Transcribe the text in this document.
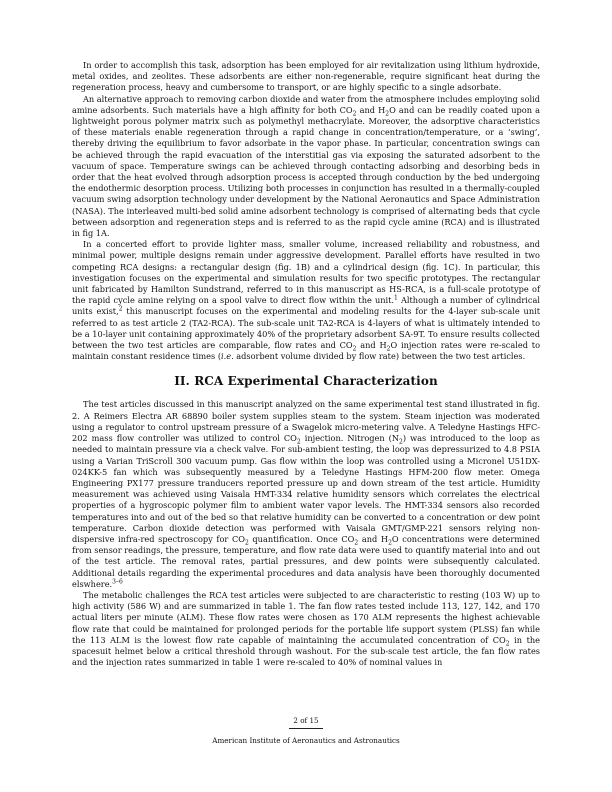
In order to accomplish this task, adsorption has been employed for air revitalization using lithium hydroxide, metal oxides, and zeolites. These adsorbents are either non-regenerable, require significant heat during the regeneration process, heavy and cumbersome to transport, or are highly specific to a single adsorbate.

An alternative approach to removing carbon dioxide and water from the atmosphere includes employing solid amine adsorbents. Such materials have a high affinity for both $CO_2$ and $H_2O$ and can be readily coated upon a lightweight porous polymer matrix such as polymethyl methacrylate. Moreover, the adsorptive characteristics of these materials enable regeneration through a rapid change in concentration/temperature, or a ‘swing’, thereby driving the equilibrium to favor adsorbate in the vapor phase. In particular, concentration swings can be achieved through the rapid evacuation of the interstitial gas via exposing the saturated adsorbent to the vacuum of space. Temperature swings can be achieved through contacting adsorbing and desorbing beds in order that the heat evolved through adsorption process is accepted through conduction by the bed undergoing the endothermic desorption process. Utilizing both processes in conjunction has resulted in a thermally-coupled vacuum swing adsorption technology under development by the National Aeronautics and Space Administration (NASA). The interleaved multi-bed solid amine adsorbent technology is comprised of alternating beds that cycle between adsorption and regeneration steps and is referred to as the rapid cycle amine (RCA) and is illustrated in fig 1A.

In a concerted effort to provide lighter mass, smaller volume, increased reliability and robustness, and minimal power, multiple designs remain under aggressive development. Parallel efforts have resulted in two competing RCA designs: a rectangular design (fig. 1B) and a cylindrical design (fig. 1C). In particular, this investigation focuses on the experimental and simulation results for two specific prototypes. The rectangular unit fabricated by Hamilton Sundstrand, referred to in this manuscript as HS-RCA, is a full-scale prototype of the rapid cycle amine relying on a spool valve to direct flow within the unit.$^1$ Although a number of cylindrical units exist,$^2$ this manuscript focuses on the experimental and modeling results for the 4-layer sub-scale unit referred to as test article 2 (TA2-RCA). The sub-scale unit TA2-RCA is 4-layers of what is ultimately intended to be a 10-layer unit containing approximately 40% of the proprietary adsorbent SA-9T. To ensure results collected between the two test articles are comparable, flow rates and $CO_2$ and $H_2O$ injection rates were re-scaled to maintain constant residence times (i.e. adsorbent volume divided by flow rate) between the two test articles.

II. RCA Experimental Characterization

The test articles discussed in this manuscript analyzed on the same experimental test stand illustrated in fig. 2. A Reimers Electra AR 68890 boiler system supplies steam to the system. Steam injection was moderated using a regulator to control upstream pressure of a Swagelok micro-metering valve. A Teledyne Hastings HFC-202 mass flow controller was utilized to control $CO_2$ injection. Nitrogen $(N_2)$ was introduced to the loop as needed to maintain pressure via a check valve. For sub-ambient testing, the loop was depressurized to 4.8 PSIA using a Varian TriScroll 300 vacuum pump. Gas flow within the loop was controlled using a Micronel U51DX-024KK-5 fan which was subsequently measured by a Teledyne Hastings HFM-200 flow meter. Omega Engineering PX177 pressure tranducers reported pressure up and down stream of the test article. Humidity measurement was achieved using Vaisala HMT-334 relative humidity sensors which correlates the electrical properties of a hygroscopic polymer film to ambient water vapor levels. The HMT-334 sensors also recorded temperatures into and out of the bed so that relative humidity can be converted to a concentration or dew point temperature. Carbon dioxide detection was performed with Vaisala GMT/GMP-221 sensors relying non-dispersive infra-red spectroscopy for $CO_2$ quantification. Once $CO_2$ and $H_2O$ concentrations were determined from sensor readings, the pressure, temperature, and flow rate data were used to quantify material into and out of the test article. The removal rates, partial pressures, and dew points were subsequently calculated. Additional details regarding the experimental procedures and data analysis have been thoroughly documented elswhere.$^{3-6}$

The metabolic challenges the RCA test articles were subjected to are characteristic to resting (103 W) up to high activity (586 W) and are summarized in table 1. The fan flow rates tested include 113, 127, 142, and 170 actual liters per minute (ALM). These flow rates were chosen as 170 ALM represents the highest achievable flow rate that could be maintained for prolonged periods for the portable life support system (PLSS) fan while the 113 ALM is the lowest flow rate capable of maintaining the accumulated concentration of $CO_2$ in the spacesuit helmet below a critical threshold through washout. For the sub-scale test article, the fan flow rates and the injection rates summarized in table 1 were re-scaled to 40% of nominal values in

2 of 15
American Institute of Aeronautics and Astronautics
